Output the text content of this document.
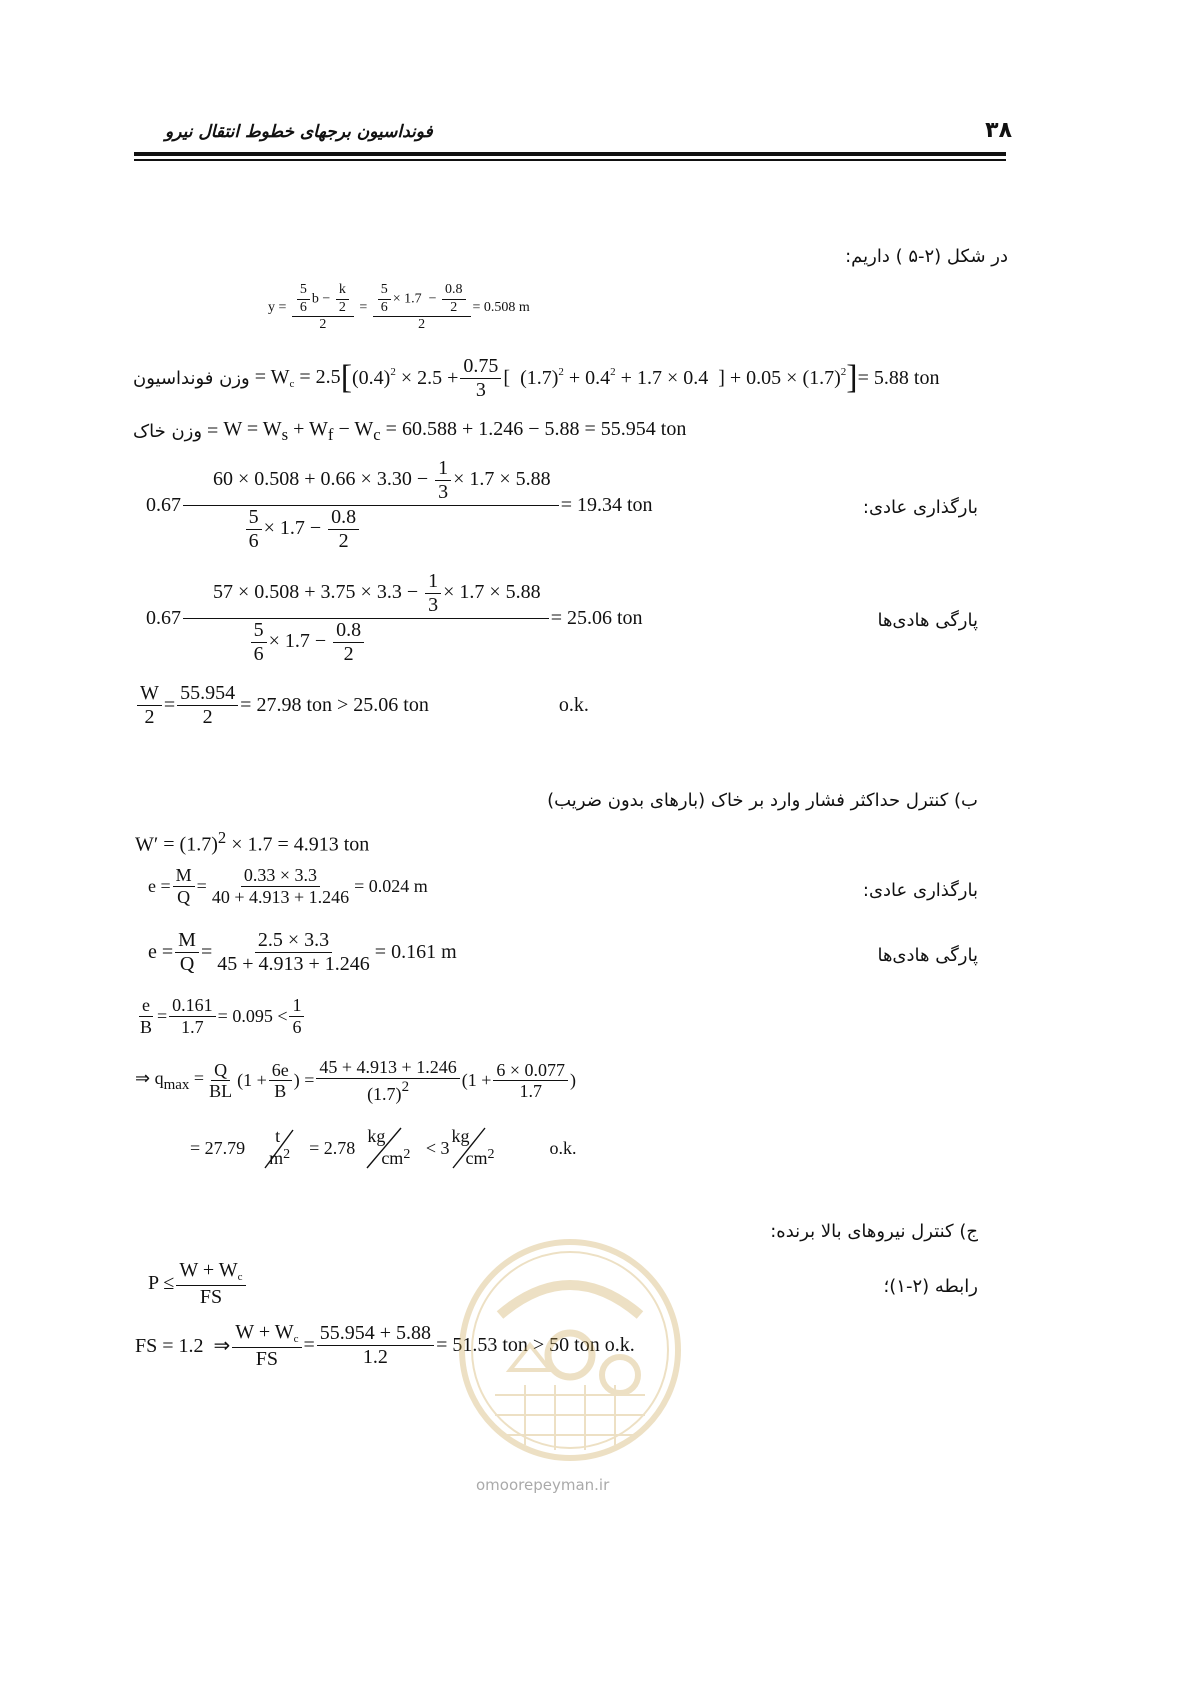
۳۸
فونداسیون برجهای خطوط انتقال نیرو
در شکل (۲-۵ ) داریم:
$y = \frac{\frac{5}{6} b - \frac{k}{2}}{2} = \frac{\frac{5}{6} \times 1.7 - \frac{0.8}{2}}{2} = 0.508$ m
وزن فونداسیون = $W_c = 2.5$ [ $(0.4)^2 \times 2.5 + \frac{0.75}{3}$ [  $(1.7)^2 + 0.4^2 + 1.7 \times 0.4$  ] + $0.05 \times (1.7)^2$ ] = 5.88 ton
وزن خاک = $W = W_s + W_f - W_c = 60.588 + 1.246 - 5.88 = 55.954$ ton
$0.67 \frac{60 \times 0.508 + 0.66 \times 3.30 - \frac{1}{3} \times 1.7 \times 5.88}{\frac{5}{6} \times 1.7 - \frac{0.8}{2}} = 19.34$ ton	بارگذاری عادی:
$0.67 \frac{57 \times 0.508 + 3.75 \times 3.3 - \frac{1}{3} \times 1.7 \times 5.88}{\frac{5}{6} \times 1.7 - \frac{0.8}{2}} = 25.06$ ton	پارگی هادی‌ها
$\frac{W}{2} = \frac{55.954}{2} = 27.98$ ton > 25.06 ton	o.k.
ب) کنترل حداکثر فشار وارد بر خاک (بارهای بدون ضریب)
$W' = (1.7)^2 \times 1.7 = 4.913$ ton
$e = \frac{M}{Q} = \frac{0.33 \times 3.3}{40 + 4.913 + 1.246} = 0.024$ m	بارگذاری عادی:
$e = \frac{M}{Q} = \frac{2.5 \times 3.3}{45 + 4.913 + 1.246} = 0.161$ m	پارگی هادی‌ها
$\frac{e}{B} = \frac{0.161}{1.7} = 0.095 < \frac{1}{6}$
⇒ $q_{max} = \frac{Q}{BL} (1 + \frac{6e}{B}$ ) = $\frac{45 + 4.913 + 1.246}{(1.7)^2} (1 + \frac{6 \times 0.077}{1.7}$ )
= 27.79
t
$m^2 = 2.78$
kg
$cm^2 < 3$
kg
$cm^2$	o.k.
ج) کنترل نیروهای بالا برنده:
$P \le \frac{W + W_c}{FS}$	رابطه (۲-۱)؛
FS = 1.2  ⇒ $\frac{W + W_c}{FS} = \frac{55.954 + 5.88}{1.2} = 51.53$ ton > 50 ton o.k.
omoorepeyman.ir
